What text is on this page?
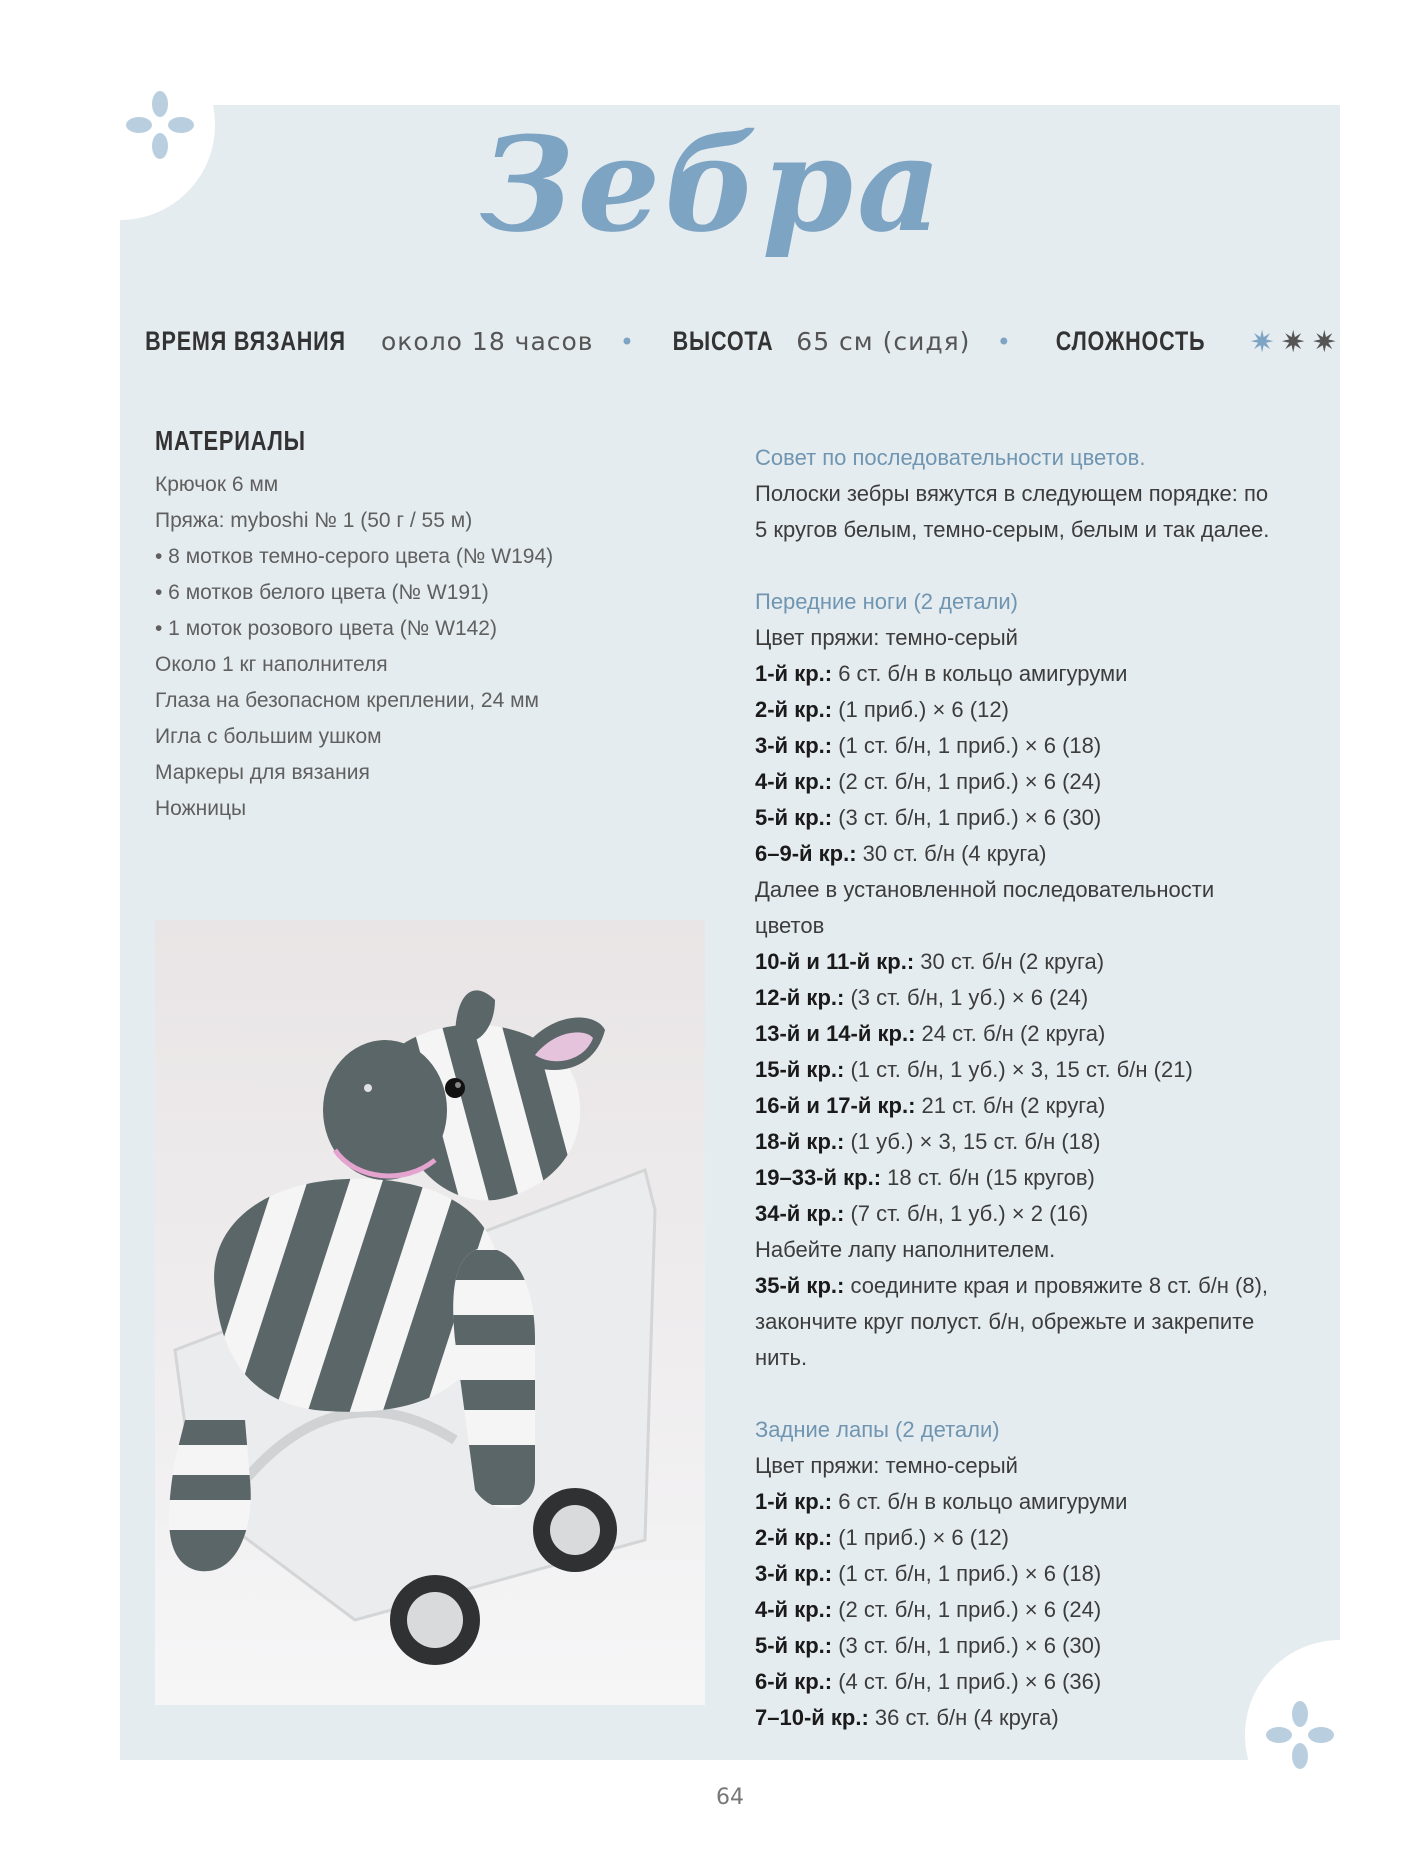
Зебра
ВРЕМЯ ВЯЗАНИЯ около 18 часов • ВЫСОТА 65 см (сидя) • СЛОЖНОСТЬ ✷ ✷ ✷
МАТЕРИАЛЫ
Крючок 6 мм
Пряжа: myboshi № 1 (50 г / 55 м)
• 8 мотков темно-серого цвета (№ W194)
• 6 мотков белого цвета (№ W191)
• 1 моток розового цвета (№ W142)
Около 1 кг наполнителя
Глаза на безопасном креплении, 24 мм
Игла с большим ушком
Маркеры для вязания
Ножницы
Совет по последовательности цветов.
Полоски зебры вяжутся в следующем порядке: по
5 кругов белым, темно-серым, белым и так далее.
Передние ноги (2 детали)
Цвет пряжи: темно-серый
1-й кр.: 6 ст. б/н в кольцо амигуруми
2-й кр.: (1 приб.) × 6 (12)
3-й кр.: (1 ст. б/н, 1 приб.) × 6 (18)
4-й кр.: (2 ст. б/н, 1 приб.) × 6 (24)
5-й кр.: (3 ст. б/н, 1 приб.) × 6 (30)
6–9-й кр.: 30 ст. б/н (4 круга)
Далее в установленной последовательности
цветов
10-й и 11-й кр.: 30 ст. б/н (2 круга)
12-й кр.: (3 ст. б/н, 1 уб.) × 6 (24)
13-й и 14-й кр.: 24 ст. б/н (2 круга)
15-й кр.: (1 ст. б/н, 1 уб.) × 3, 15 ст. б/н (21)
16-й и 17-й кр.: 21 ст. б/н (2 круга)
18-й кр.: (1 уб.) × 3, 15 ст. б/н (18)
19–33-й кр.: 18 ст. б/н (15 кругов)
34-й кр.: (7 ст. б/н, 1 уб.) × 2 (16)
Набейте лапу наполнителем.
35-й кр.: соедините края и провяжите 8 ст. б/н (8),
закончите круг полуст. б/н, обрежьте и закрепите
нить.
Задние лапы (2 детали)
Цвет пряжи: темно-серый
1-й кр.: 6 ст. б/н в кольцо амигуруми
2-й кр.: (1 приб.) × 6 (12)
3-й кр.: (1 ст. б/н, 1 приб.) × 6 (18)
4-й кр.: (2 ст. б/н, 1 приб.) × 6 (24)
5-й кр.: (3 ст. б/н, 1 приб.) × 6 (30)
6-й кр.: (4 ст. б/н, 1 приб.) × 6 (36)
7–10-й кр.: 36 ст. б/н (4 круга)
64
